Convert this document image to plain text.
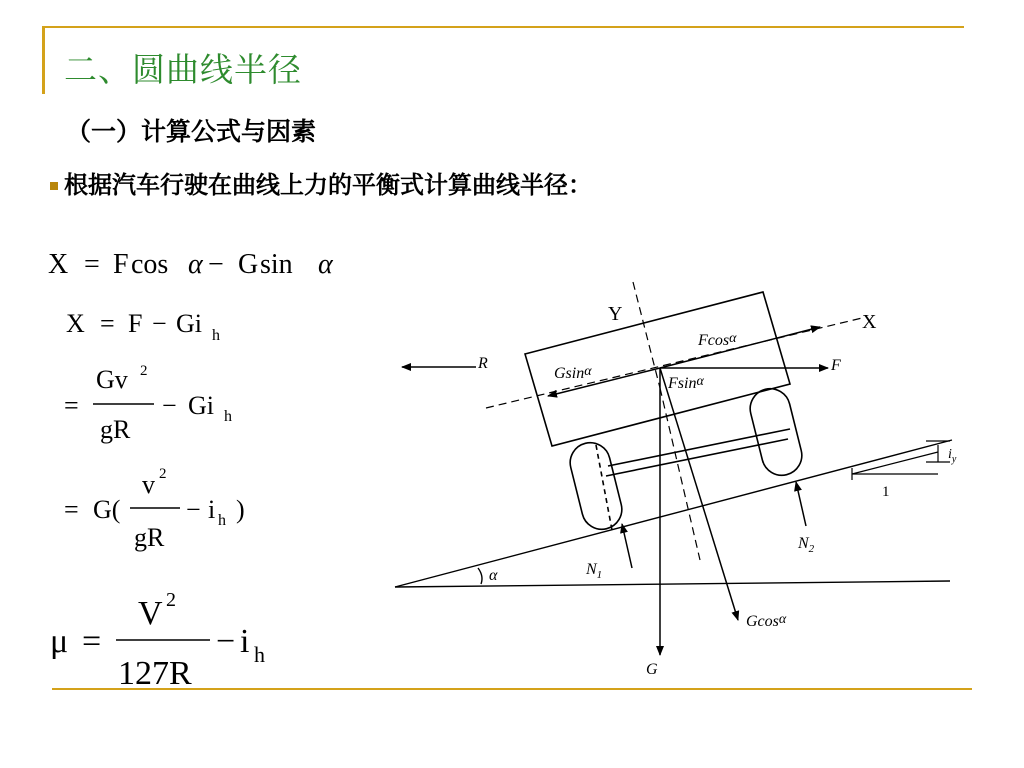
二、圆曲线半径
（一）计算公式与因素
根据汽车行驶在曲线上力的平衡式计算曲线半径：
X = F cos α − G sin α
X = F − Gi h
=
Gv 2
gR
− Gi h
= G(
v 2
gR
− i h )
μ =
V 2
127R
− i h
Y	X
R	F
Fcosα
Gsinα
Fsinα
Gcosα
G
$N_1$
$N_2$
α
$i_y$
1
